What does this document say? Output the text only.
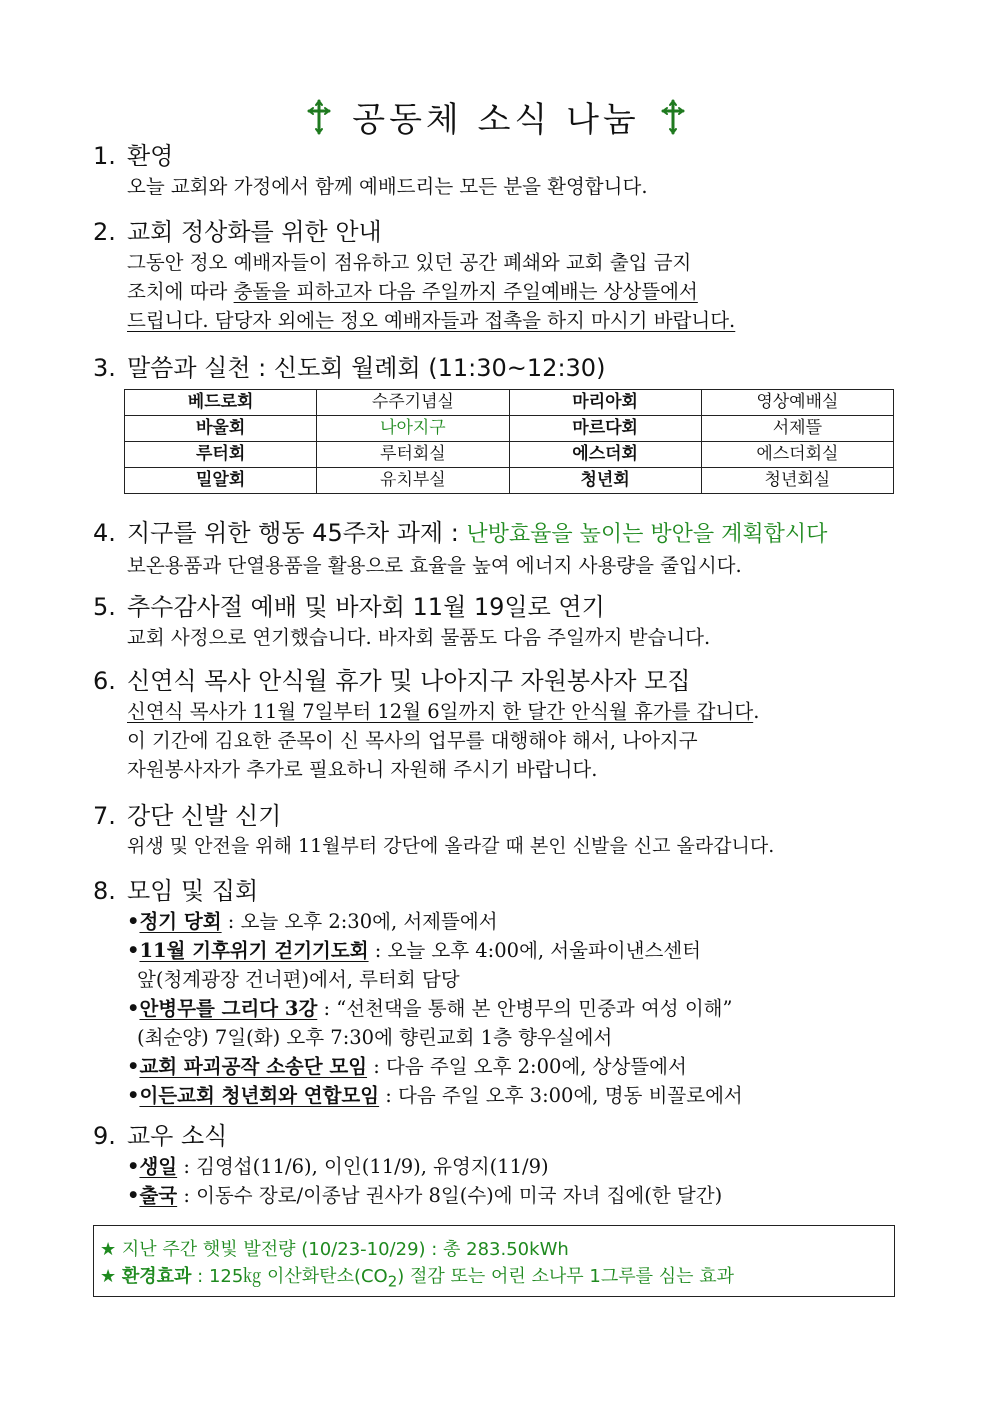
공동체 소식 나눔
1. 환영
오늘 교회와 가정에서 함께 예배드리는 모든 분을 환영합니다.
2. 교회 정상화를 위한 안내
그동안 정오 예배자들이 점유하고 있던 공간 폐쇄와 교회 출입 금지
조치에 따라 충돌을 피하고자 다음 주일까지 주일예배는 상상뜰에서
드립니다. 담당자 외에는 정오 예배자들과 접촉을 하지 마시기 바랍니다.
3. 말씀과 실천 : 신도회 월례회 (11:30~12:30)
베드로회	수주기념실	마리아회	영상예배실
바울회	나아지구	마르다회	서제뜰
루터회	루터회실	에스더회	에스더회실
밀알회	유치부실	청년회	청년회실
4. 지구를 위한 행동 45주차 과제 : 난방효율을 높이는 방안을 계획합시다
보온용품과 단열용품을 활용으로 효율을 높여 에너지 사용량을 줄입시다.
5. 추수감사절 예배 및 바자회 11월 19일로 연기
교회 사정으로 연기했습니다. 바자회 물품도 다음 주일까지 받습니다.
6. 신연식 목사 안식월 휴가 및 나아지구 자원봉사자 모집
신연식 목사가 11월 7일부터 12월 6일까지 한 달간 안식월 휴가를 갑니다.
이 기간에 김요한 준목이 신 목사의 업무를 대행해야 해서, 나아지구
자원봉사자가 추가로 필요하니 자원해 주시기 바랍니다.
7. 강단 신발 신기
위생 및 안전을 위해 11월부터 강단에 올라갈 때 본인 신발을 신고 올라갑니다.
8. 모임 및 집회
•정기 당회 : 오늘 오후 2:30에, 서제뜰에서
•11월 기후위기 걷기기도회 : 오늘 오후 4:00에, 서울파이낸스센터
앞(청계광장 건너편)에서, 루터회 담당
•안병무를 그리다 3강 : “선천댁을 통해 본 안병무의 민중과 여성 이해”
(최순양) 7일(화) 오후 7:30에 향린교회 1층 향우실에서
•교회 파괴공작 소송단 모임 : 다음 주일 오후 2:00에, 상상뜰에서
•이든교회 청년회와 연합모임 : 다음 주일 오후 3:00에, 명동 비꼴로에서
9. 교우 소식
•생일 : 김영섭(11/6), 이인(11/9), 유영지(11/9)
•출국 : 이동수 장로/이종남 권사가 8일(수)에 미국 자녀 집에(한 달간)
★ 지난 주간 햇빛 발전량 (10/23-10/29) : 총 283.50kWh
★ 환경효과 : 125㎏ 이산화탄소$(CO_2)$ 절감 또는 어린 소나무 1그루를 심는 효과
